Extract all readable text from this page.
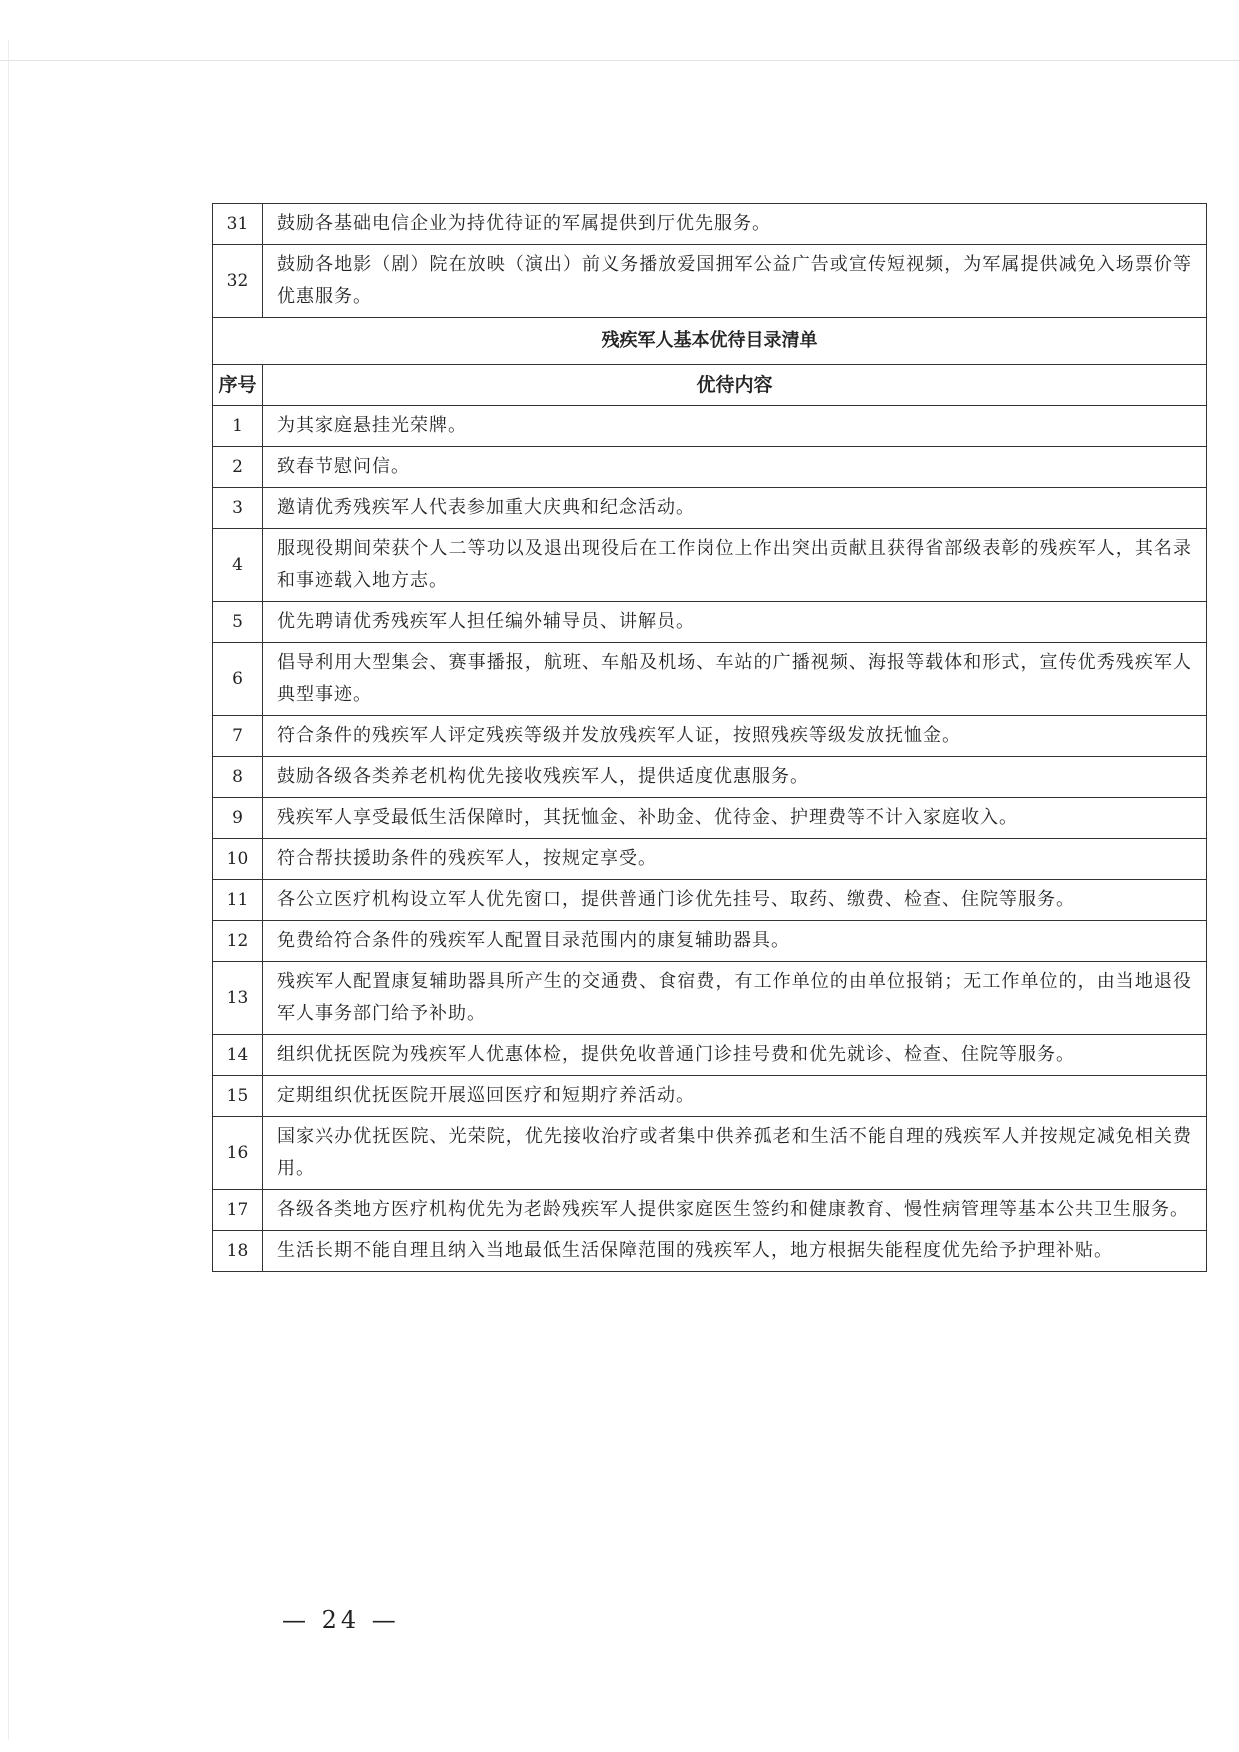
31	鼓励各基础电信企业为持优待证的军属提供到厅优先服务。
32	鼓励各地影（剧）院在放映（演出）前义务播放爱国拥军公益广告或宣传短视频，为军属提供减免入场票价等优惠服务。
残疾军人基本优待目录清单	
序号	优待内容
1	为其家庭悬挂光荣牌。
2	致春节慰问信。
3	邀请优秀残疾军人代表参加重大庆典和纪念活动。
4	服现役期间荣获个人二等功以及退出现役后在工作岗位上作出突出贡献且获得省部级表彰的残疾军人，其名录和事迹载入地方志。
5	优先聘请优秀残疾军人担任编外辅导员、讲解员。
6	倡导利用大型集会、赛事播报，航班、车船及机场、车站的广播视频、海报等载体和形式，宣传优秀残疾军人典型事迹。
7	符合条件的残疾军人评定残疾等级并发放残疾军人证，按照残疾等级发放抚恤金。
8	鼓励各级各类养老机构优先接收残疾军人，提供适度优惠服务。
9	残疾军人享受最低生活保障时，其抚恤金、补助金、优待金、护理费等不计入家庭收入。
10	符合帮扶援助条件的残疾军人，按规定享受。
11	各公立医疗机构设立军人优先窗口，提供普通门诊优先挂号、取药、缴费、检查、住院等服务。
12	免费给符合条件的残疾军人配置目录范围内的康复辅助器具。
13	残疾军人配置康复辅助器具所产生的交通费、食宿费，有工作单位的由单位报销；无工作单位的，由当地退役军人事务部门给予补助。
14	组织优抚医院为残疾军人优惠体检，提供免收普通门诊挂号费和优先就诊、检查、住院等服务。
15	定期组织优抚医院开展巡回医疗和短期疗养活动。
16	国家兴办优抚医院、光荣院，优先接收治疗或者集中供养孤老和生活不能自理的残疾军人并按规定减免相关费用。
17	各级各类地方医疗机构优先为老龄残疾军人提供家庭医生签约和健康教育、慢性病管理等基本公共卫生服务。
18	生活长期不能自理且纳入当地最低生活保障范围的残疾军人，地方根据失能程度优先给予护理补贴。
— 24 —
